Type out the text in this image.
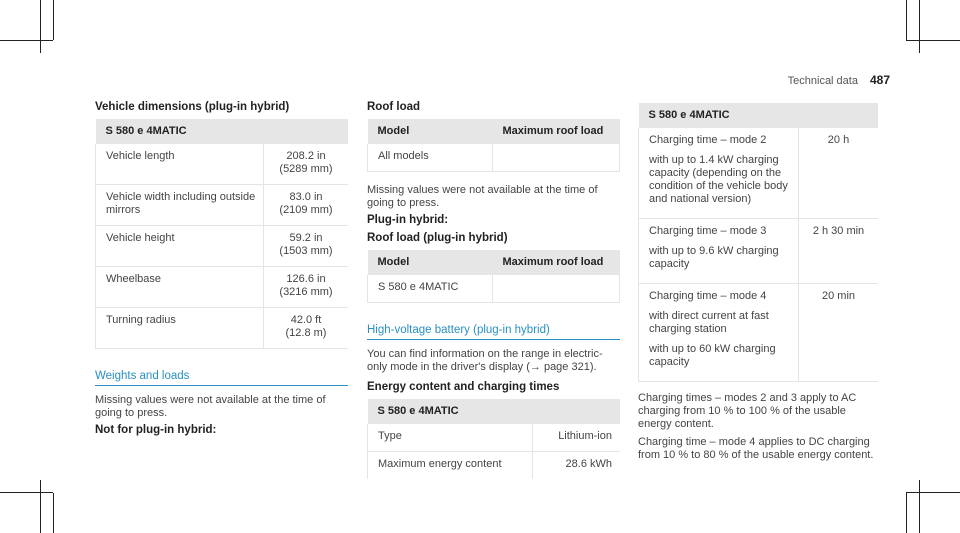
Technical data 487
Vehicle dimensions (plug-in hybrid)
S 580 e 4MATIC	
Vehicle length	208.2 in
(5289 mm)

Vehicle width including outside mirrors	83.0 in
(2109 mm)

Vehicle height	59.2 in
(1503 mm)

Wheelbase	126.6 in
(3216 mm)

Turning radius	42.0 ft
(12.8 m)
Weights and loads
Missing values were not available at the time of going to press.
Not for plug-in hybrid:
Roof load
Model	Maximum roof load
All models	
Missing values were not available at the time of going to press.
Plug-in hybrid:
Roof load (plug-in hybrid)
Model	Maximum roof load
S 580 e 4MATIC	
High-voltage battery (plug-in hybrid)
You can find information on the range in electric-only mode in the driver's display (→ page 321).
Energy content and charging times
S 580 e 4MATIC	
Type	Lithium-ion
Maximum energy content	28.6 kWh
S 580 e 4MATIC	

Charging time – mode 2
with up to 1.4 kW charging capacity (depending on the condition of the vehicle body and national version)	20 h

Charging time – mode 3
with up to 9.6 kW charging capacity	2 h 30 min

Charging time – mode 4
with direct current at fast charging station
with up to 60 kW charging capacity	20 min
Charging times – modes 2 and 3 apply to AC charging from 10 % to 100 % of the usable energy content.
Charging time – mode 4 applies to DC charging from 10 % to 80 % of the usable energy content.
